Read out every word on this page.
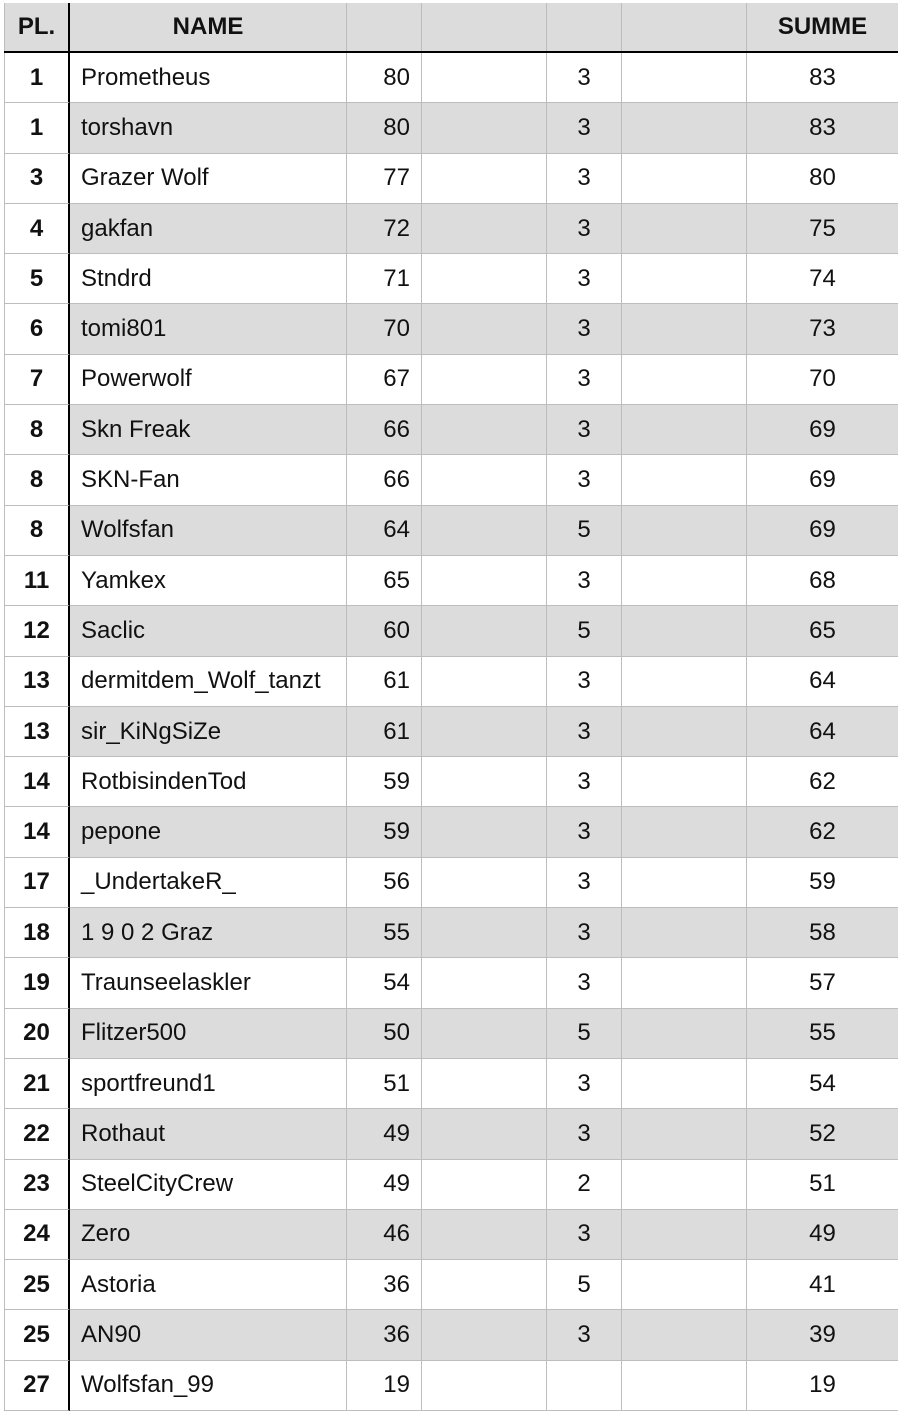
PL.	NAME	SUMME
1	Prometheus	80	3	83
1	torshavn	80	3	83
3	Grazer Wolf	77	3	80
4	gakfan	72	3	75
5	Stndrd	71	3	74
6	tomi801	70	3	73
7	Powerwolf	67	3	70
8	Skn Freak	66	3	69
8	SKN-Fan	66	3	69
8	Wolfsfan	64	5	69
11	Yamkex	65	3	68
12	Saclic	60	5	65
13	dermitdem_Wolf_tanzt	61	3	64
13	sir_KiNgSiZe	61	3	64
14	RotbisindenTod	59	3	62
14	pepone	59	3	62
17	_UndertakeR_	56	3	59
18	1 9 0 2 Graz	55	3	58
19	Traunseelaskler	54	3	57
20	Flitzer500	50	5	55
21	sportfreund1	51	3	54
22	Rothaut	49	3	52
23	SteelCityCrew	49	2	51
24	Zero	46	3	49
25	Astoria	36	5	41
25	AN90	36	3	39
27	Wolfsfan_99	19	19
